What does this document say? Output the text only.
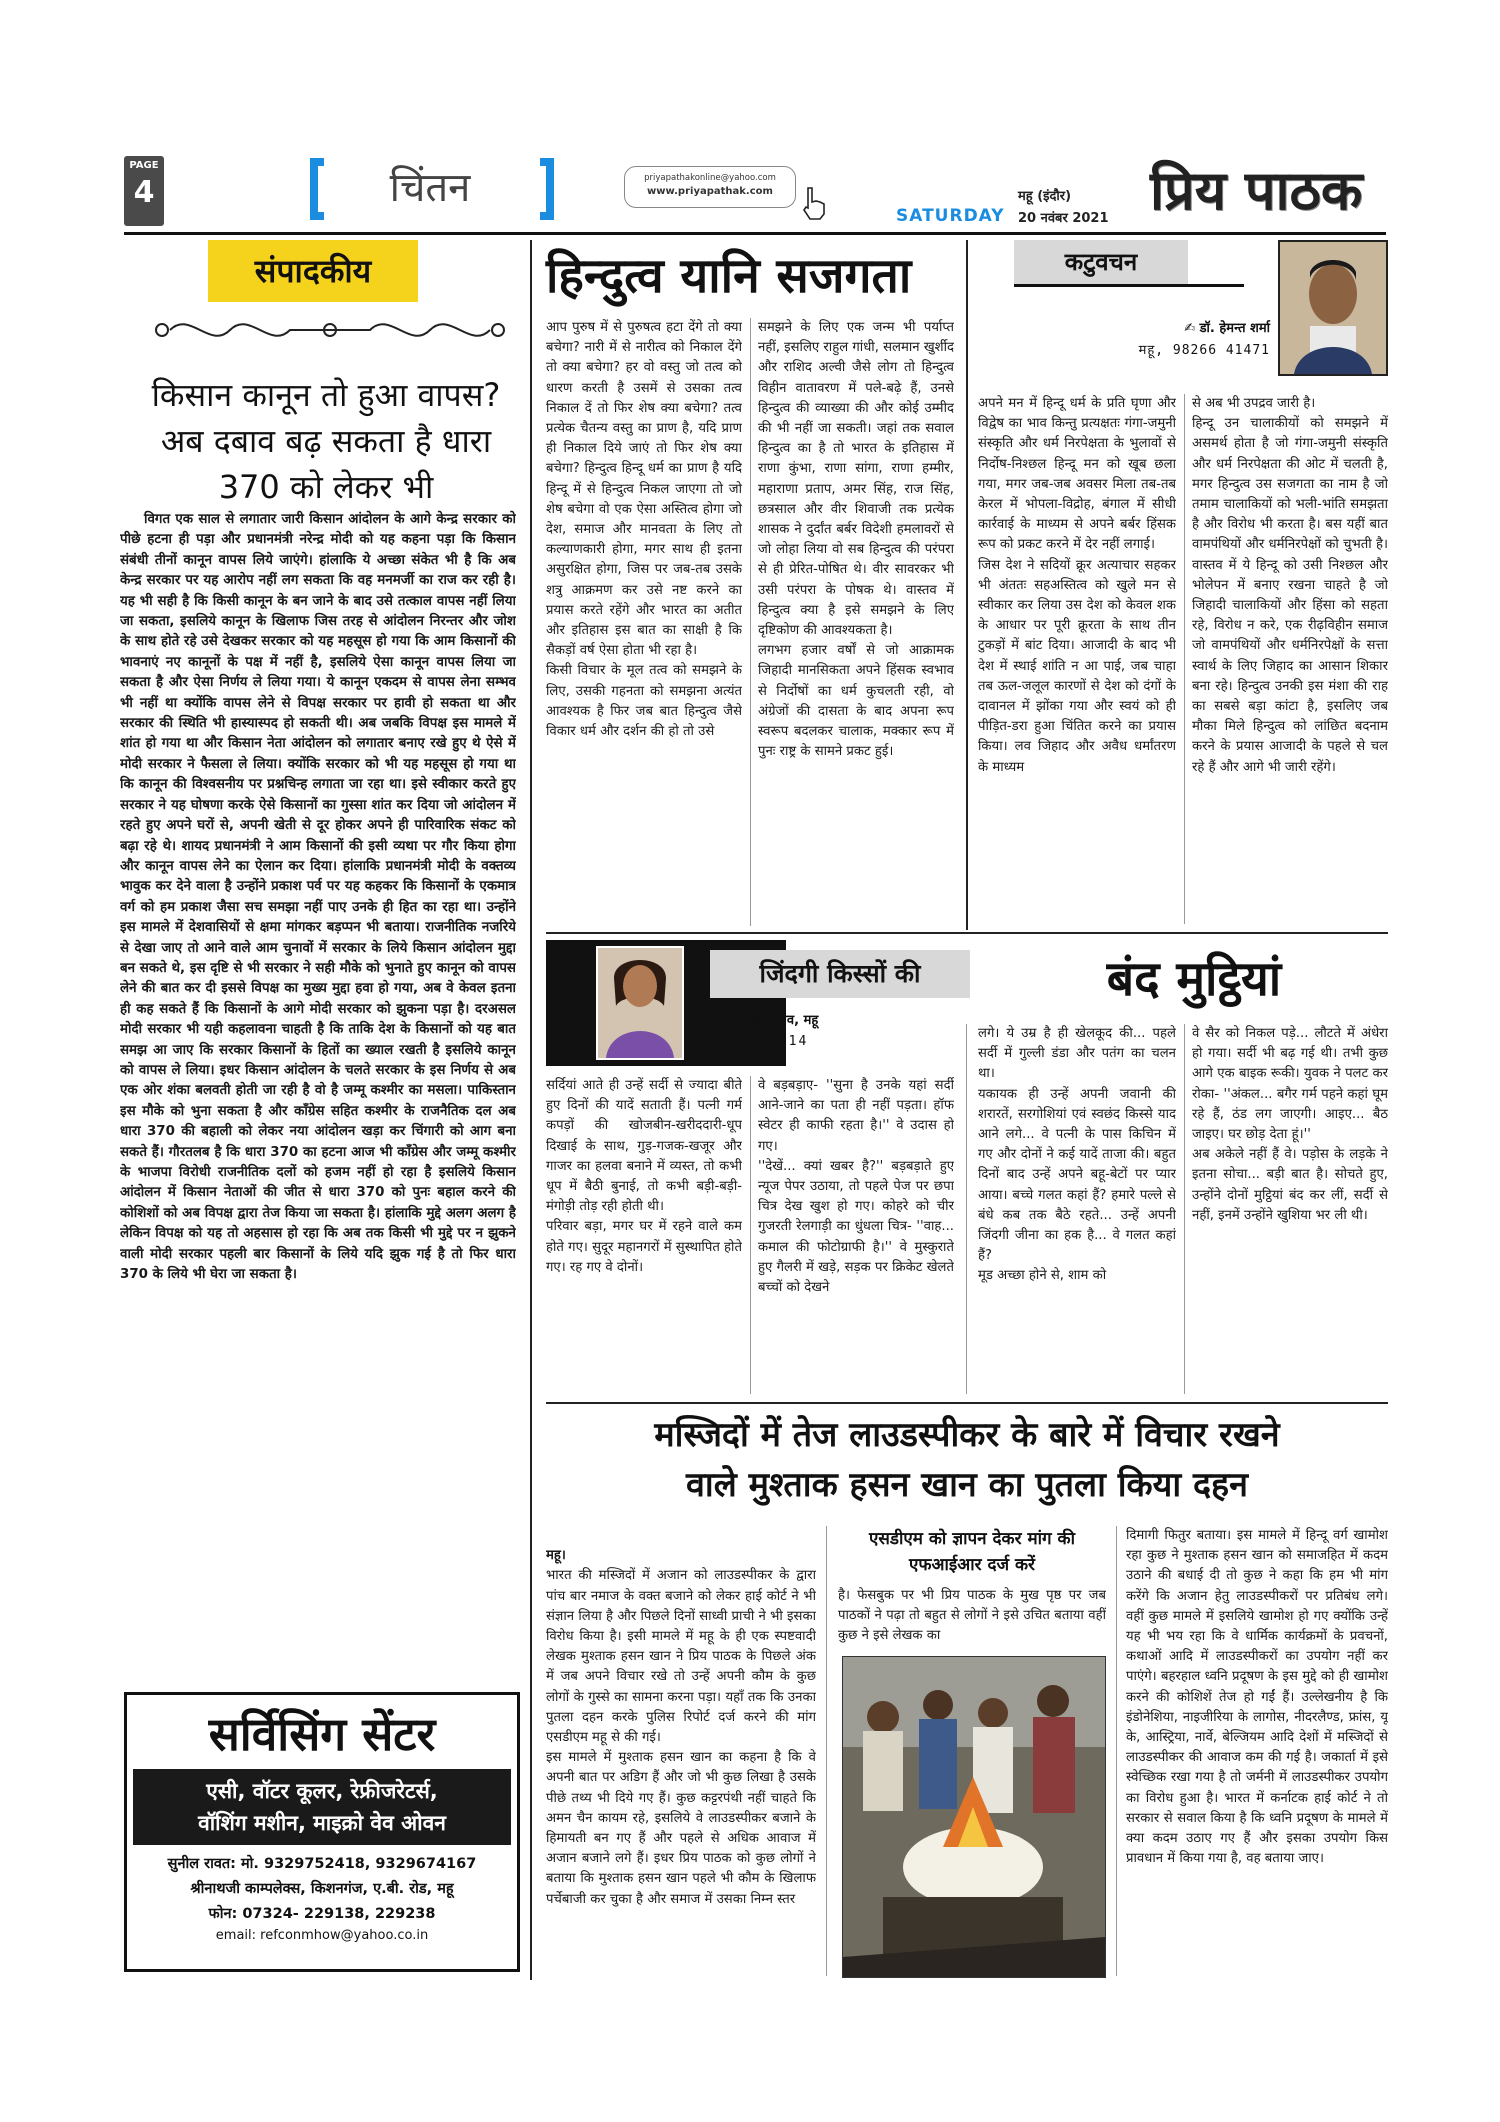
PAGE
4	चिंतन	priyapathakonline@yahoo.com
www.priyapathak.com
SATURDAY
महू (इंदौर)
20 नवंबर 2021 प्रिय पाठक
संपादकीय
किसान कानून तो हुआ वापस? अब दबाव बढ़ सकता है धारा 370 को लेकर भी
विगत एक साल से लगातार जारी किसान आंदोलन के आगे केन्द्र सरकार को पीछे हटना ही पड़ा और प्रधानमंत्री नरेन्द्र मोदी को यह कहना पड़ा कि किसान संबंधी तीनों कानून वापस लिये जाएंगे। हांलाकि ये अच्छा संकेत भी है कि अब केन्द्र सरकार पर यह आरोप नहीं लग सकता कि वह मनमर्जी का राज कर रही है। यह भी सही है कि किसी कानून के बन जाने के बाद उसे तत्काल वापस नहीं लिया जा सकता, इसलिये कानून के खिलाफ जिस तरह से आंदोलन निरन्तर और जोश के साथ होते रहे उसे देखकर सरकार को यह महसूस हो गया कि आम किसानों की भावनाएं नए कानूनों के पक्ष में नहीं है, इसलिये ऐसा कानून वापस लिया जा सकता है और ऐसा निर्णय ले लिया गया। ये कानून एकदम से वापस लेना सम्भव भी नहीं था क्योंकि वापस लेने से विपक्ष सरकार पर हावी हो सकता था और सरकार की स्थिति भी हास्यास्पद हो सकती थी। अब जबकि विपक्ष इस मामले में शांत हो गया था और किसान नेता आंदोलन को लगातार बनाए रखे हुए थे ऐसे में मोदी सरकार ने फैसला ले लिया। क्योंकि सरकार को भी यह महसूस हो गया था कि कानून की विश्वसनीय पर प्रश्नचिन्ह लगाता जा रहा था। इसे स्वीकार करते हुए सरकार ने यह घोषणा करके ऐसे किसानों का गुस्सा शांत कर दिया जो आंदोलन में रहते हुए अपने घरों से, अपनी खेती से दूर होकर अपने ही पारिवारिक संकट को बढ़ा रहे थे। शायद प्रधानमंत्री ने आम किसानों की इसी व्यथा पर गौर किया होगा और कानून वापस लेने का ऐलान कर दिया। हांलाकि प्रधानमंत्री मोदी के वक्तव्य भावुक कर देने वाला है उन्होंने प्रकाश पर्व पर यह कहकर कि किसानों के एकमात्र वर्ग को हम प्रकाश जैसा सच समझा नहीं पाए उनके ही हित का रहा था। उन्होंने इस मामले में देशवासियों से क्षमा मांगकर बड़प्पन भी बताया। राजनीतिक नजरिये से देखा जाए तो आने वाले आम चुनावों में सरकार के लिये किसान आंदोलन मुद्दा बन सकते थे, इस दृष्टि से भी सरकार ने सही मौके को भुनाते हुए कानून को वापस लेने की बात कर दी इससे विपक्ष का मुख्य मुद्दा हवा हो गया, अब वे केवल इतना ही कह सकते हैं कि किसानों के आगे मोदी सरकार को झुकना पड़ा है। दरअसल मोदी सरकार भी यही कहलावना चाहती है कि ताकि देश के किसानों को यह बात समझ आ जाए कि सरकार किसानों के हितों का ख्याल रखती है इसलिये कानून को वापस ले लिया। इधर किसान आंदोलन के चलते सरकार के इस निर्णय से अब एक ओर शंका बलवती होती जा रही है वो है जम्मू कश्मीर का मसला। पाकिस्तान इस मौके को भुना सकता है और काँग्रेस सहित कश्मीर के राजनैतिक दल अब धारा 370 की बहाली को लेकर नया आंदोलन खड़ा कर चिंगारी को आग बना सकते हैं। गौरतलब है कि धारा 370 का हटना आज भी कॉंग्रेस और जम्मू कश्मीर के भाजपा विरोधी राजनीतिक दलों को हजम नहीं हो रहा है इसलिये किसान आंदोलन में किसान नेताओं की जीत से धारा 370 को पुनः बहाल करने की कोशिशों को अब विपक्ष द्वारा तेज किया जा सकता है। हांलाकि मुद्दे अलग अलग है लेकिन विपक्ष को यह तो अहसास हो रहा कि अब तक किसी भी मुद्दे पर न झुकने वाली मोदी सरकार पहली बार किसानों के लिये यदि झुक गई है तो फिर धारा 370 के लिये भी घेरा जा सकता है।
सर्विसिंग सेंटर
एसी, वॉटर कूलर, रेफ्रीजरेटर्स,
वॉशिंग मशीन, माइक्रो वेव ओवन
सुनील रावत: मो. 9329752418, 9329674167
श्रीनाथजी काम्पलेक्स, किशनगंज, ए.बी. रोड, महू
फोन: 07324- 229138, 229238
email: refconmhow@yahoo.co.in
हिन्दुत्व यानि सजगता	कटुवचन
✍ डॉ. हेमन्त शर्मा
महू, 98266 41471
आप पुरुष में से पुरुषत्व हटा देंगे तो क्या बचेगा? नारी में से नारीत्व को निकाल देंगे तो क्या बचेगा? हर वो वस्तु जो तत्व को धारण करती है उसमें से उसका तत्व निकाल दें तो फिर शेष क्या बचेगा? तत्व प्रत्येक चैतन्य वस्तु का प्राण है, यदि प्राण ही निकाल दिये जाएं तो फिर शेष क्या बचेगा? हिन्दुत्व हिन्दू धर्म का प्राण है यदि हिन्दू में से हिन्दुत्व निकल जाएगा तो जो शेष बचेगा वो एक ऐसा अस्तित्व होगा जो देश, समाज और मानवता के लिए तो कल्याणकारी होगा, मगर साथ ही इतना असुरक्षित होगा, जिस पर जब-तब उसके शत्रु आक्रमण कर उसे नष्ट करने का प्रयास करते रहेंगे और भारत का अतीत और इतिहास इस बात का साक्षी है कि सैकड़ों वर्ष ऐसा होता भी रहा है।
किसी विचार के मूल तत्व को समझने के लिए, उसकी गहनता को समझना अत्यंत आवश्यक है फिर जब बात हिन्दुत्व जैसे विकार धर्म और दर्शन की हो तो उसे
समझने के लिए एक जन्म भी पर्याप्त नहीं, इसलिए राहुल गांधी, सलमान खुर्शीद और राशिद अल्वी जैसे लोग तो हिन्दुत्व विहीन वातावरण में पले-बढ़े हैं, उनसे हिन्दुत्व की व्याख्या की और कोई उम्मीद की भी नहीं जा सकती। जहां तक सवाल हिन्दुत्व का है तो भारत के इतिहास में राणा कुंभा, राणा सांगा, राणा हम्मीर, महाराणा प्रताप, अमर सिंह, राज सिंह, छत्रसाल और वीर शिवाजी तक प्रत्येक शासक ने दुर्दांत बर्बर विदेशी हमलावरों से जो लोहा लिया वो सब हिन्दुत्व की परंपरा से ही प्रेरित-पोषित थे। वीर सावरकर भी उसी परंपरा के पोषक थे। वास्तव में हिन्दुत्व क्या है इसे समझने के लिए दृष्टिकोण की आवश्यकता है।
लगभग हजार वर्षों से जो आक्रामक जिहादी मानसिकता अपने हिंसक स्वभाव से निर्दोषों का धर्म कुचलती रही, वो अंग्रेजों की दासता के बाद अपना रूप स्वरूप बदलकर चालाक, मक्कार रूप में पुनः राष्ट्र के सामने प्रकट हुई।
अपने मन में हिन्दू धर्म के प्रति घृणा और विद्वेष का भाव किन्तु प्रत्यक्षतः गंगा-जमुनी संस्कृति और धर्म निरपेक्षता के भुलावों से निर्दोष-निश्छल हिन्दू मन को खूब छला गया, मगर जब-जब अवसर मिला तब-तब केरल में भोपला-विद्रोह, बंगाल में सीधी कार्रवाई के माध्यम से अपने बर्बर हिंसक रूप को प्रकट करने में देर नहीं लगाई।
जिस देश ने सदियों क्रूर अत्याचार सहकर भी अंततः सहअस्तित्व को खुले मन से स्वीकार कर लिया उस देश को केवल शक के आधार पर पूरी क्रूरता के साथ तीन टुकड़ों में बांट दिया। आजादी के बाद भी देश में स्थाई शांति न आ पाई, जब चाहा तब ऊल-जलूल कारणों से देश को दंगों के दावानल में झोंका गया और स्वयं को ही पीड़ित-डरा हुआ चिंतित करने का प्रयास किया। लव जिहाद और अवैध धर्मांतरण के माध्यम
से अब भी उपद्रव जारी है।
हिन्दू उन चालाकीयों को समझने में असमर्थ होता है जो गंगा-जमुनी संस्कृति और धर्म निरपेक्षता की ओट में चलती है, मगर हिन्दुत्व उस सजगता का नाम है जो तमाम चालाकियों को भली-भांति समझता है और विरोध भी करता है। बस यहीं बात वामपंथियों और धर्मनिरपेक्षों को चुभती है। वास्तव में ये हिन्दू को उसी निश्छल और भोलेपन में बनाए रखना चाहते है जो जिहादी चालाकियों और हिंसा को सहता रहे, विरोध न करे, एक रीढ़विहीन समाज जो वामपंथियों और धर्मनिरपेक्षों के सत्ता स्वार्थ के लिए जिहाद का आसान शिकार बना रहे। हिन्दुत्व उनकी इस मंशा की राह का सबसे बड़ा कांटा है, इसलिए जब मौका मिले हिन्दुत्व को लांछित बदनाम करने के प्रयास आजादी के पहले से चल रहे हैं और आगे भी जारी रहेंगे।
जिंदगी किस्सों की
✍ नीता श्रीवास्तव, महू
9893409914
बंद मुट्ठियां
सर्दियां आते ही उन्हें सर्दी से ज्यादा बीते हुए दिनों की यादें सताती हैं। पत्नी गर्म कपड़ों की खोजबीन-खरीददारी-धूप दिखाई के साथ, गुड़-गजक-खजूर और गाजर का हलवा बनाने में व्यस्त, तो कभी धूप में बैठी बुनाई, तो कभी बड़ी-बड़ी-मंगोड़ी तोड़ रही होती थी।
परिवार बड़ा, मगर घर में रहने वाले कम होते गए। सुदूर महानगरों में सुस्थापित होते गए। रह गए वे दोनों।
वे बड़बड़ाए- ''सुना है उनके यहां सर्दी आने-जाने का पता ही नहीं पड़ता। हॉफ स्वेटर ही काफी रहता है।'' वे उदास हो गए।
''देखें... क्यां खबर है?'' बड़बड़ाते हुए न्यूज पेपर उठाया, तो पहले पेज पर छपा चित्र देख खुश हो गए। कोहरे को चीर गुजरती रेलगाड़ी का धुंधला चित्र- ''वाह... कमाल की फोटोग्राफी है।'' वे मुस्कुराते हुए गैलरी में खड़े, सड़क पर क्रिकेट खेलते बच्चों को देखने
लगे। ये उम्र है ही खेलकूद की... पहले सर्दी में गुल्ली डंडा और पतंग का चलन था।
यकायक ही उन्हें अपनी जवानी की शरारतें, सरगोशियां एवं स्वछंद किस्से याद आने लगे... वे पत्नी के पास किचिन में गए और दोनों ने कई यादें ताजा की। बहुत दिनों बाद उन्हें अपने बहू-बेटों पर प्यार आया। बच्चे गलत कहां हैं? हमारे पल्ले से बंधे कब तक बैठे रहते... उन्हें अपनी जिंदगी जीना का हक है... वे गलत कहां हैं?
मूड अच्छा होने से, शाम को
वे सैर को निकल पड़े... लौटते में अंधेरा हो गया। सर्दी भी बढ़ गई थी। तभी कुछ आगे एक बाइक रूकी। युवक ने पलट कर रोका- ''अंकल... बगैर गर्म पहने कहां घूम रहे हैं, ठंड लग जाएगी। आइए... बैठ जाइए। घर छोड़ देता हूं।''
अब अकेले नहीं हैं वे। पड़ोस के लड़के ने इतना सोचा... बड़ी बात है। सोचते हुए, उन्होंने दोनों मुट्ठियां बंद कर लीं, सर्दी से नहीं, इनमें उन्होंने खुशिया भर ली थी।
मस्जिदों में तेज लाउडस्पीकर के बारे में विचार रखने
वाले मुश्ताक हसन खान का पुतला किया दहन

महू।
भारत की मस्जिदों में अजान को लाउडस्पीकर के द्वारा पांच बार नमाज के वक्त बजाने को लेकर हाई कोर्ट ने भी संज्ञान लिया है और पिछले दिनों साध्वी प्राची ने भी इसका विरोध किया है। इसी मामले में महू के ही एक स्पष्टवादी लेखक मुश्ताक हसन खान ने प्रिय पाठक के पिछले अंक में जब अपने विचार रखे तो उन्हें अपनी कौम के कुछ लोगों के गुस्से का सामना करना पड़ा। यहाँ तक कि उनका पुतला दहन करके पुलिस रिपोर्ट दर्ज करने की मांग एसडीएम महू से की गई।
इस मामले में मुश्ताक हसन खान का कहना है कि वे अपनी बात पर अडिग हैं और जो भी कुछ लिखा है उसके पीछे तथ्य भी दिये गए हैं। कुछ कट्टरपंथी नहीं चाहते कि अमन चैन कायम रहे, इसलिये वे लाउडस्पीकर बजाने के हिमायती बन गए हैं और पहले से अधिक आवाज में अजान बजाने लगे हैं। इधर प्रिय पाठक को कुछ लोगों ने बताया कि मुश्ताक हसन खान पहले भी कौम के खिलाफ पर्चेबाजी कर चुका है और समाज में उसका निम्न स्तर

एसडीएम को ज्ञापन देकर मांग की एफआईआर दर्ज करें
है। फेसबुक पर भी प्रिय पाठक के मुख पृष्ठ पर जब पाठकों ने पढ़ा तो बहुत से लोगों ने इसे उचित बताया वहीं कुछ ने इसे लेखक का
दिमागी फितुर बताया। इस मामले में हिन्दू वर्ग खामोश रहा कुछ ने मुश्ताक हसन खान को समाजहित में कदम उठाने की बधाई दी तो कुछ ने कहा कि हम भी मांग करेंगे कि अजान हेतु लाउडस्पीकरों पर प्रतिबंध लगे। वहीं कुछ मामले में इसलिये खामोश हो गए क्योंकि उन्हें यह भी भय रहा कि वे धार्मिक कार्यक्रमों के प्रवचनों, कथाओं आदि में लाउडस्पीकरों का उपयोग नहीं कर पाएंगे। बहरहाल ध्वनि प्रदूषण के इस मुद्दे को ही खामोश करने की कोशिशें तेज हो गईं हैं। उल्लेखनीय है कि इंडोनेशिया, नाइजीरिया के लागोस, नीदरलैण्ड, फ्रांस, यू के, आस्ट्रिया, नार्वे, बेल्जियम आदि देशों में मस्जिदों से लाउडस्पीकर की आवाज कम की गई है। जकार्ता में इसे स्वेच्छिक रखा गया है तो जर्मनी में लाउडस्पीकर उपयोग का विरोध हुआ है। भारत में कर्नाटक हाई कोर्ट ने तो सरकार से सवाल किया है कि ध्वनि प्रदूषण के मामले में क्या कदम उठाए गए हैं और इसका उपयोग किस प्रावधान में किया गया है, वह बताया जाए।
